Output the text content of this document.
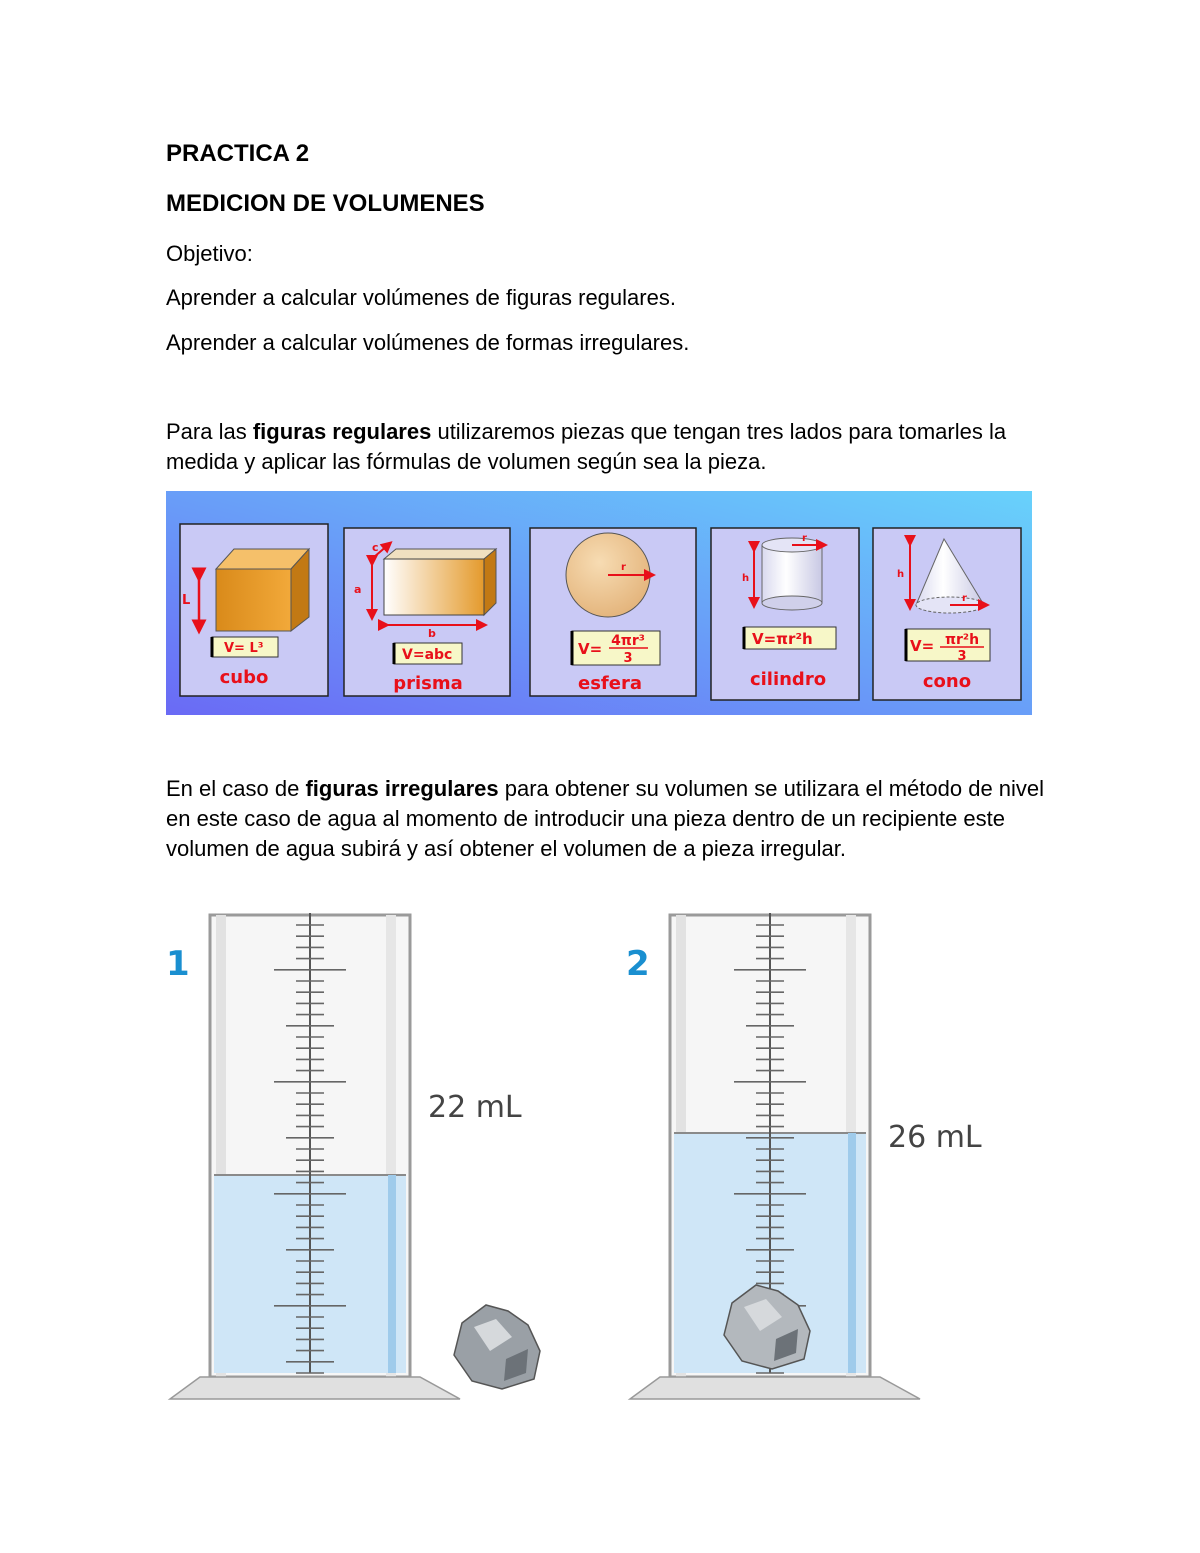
PRACTICA 2
MEDICION DE VOLUMENES

Objetivo:

Aprender a calcular volúmenes de figuras regulares.

Aprender a calcular volúmenes de formas irregulares.

Para las figuras regulares utilizaremos piezas que tengan tres lados para tomarles la medida y aplicar las fórmulas de volumen según sea la pieza.

L
V= L³
cubo
c
a
b
V=abc
prisma
r
V= 4πr³
3
esfera
h
r
V=πr²h
cilindro
h
r
V= πr²h
3
cono

En el caso de figuras irregulares para obtener su volumen se utilizara el método de nivel en este caso de agua al momento de introducir una pieza dentro de un recipiente este volumen de agua subirá y así obtener el volumen de a pieza irregular.

1
22 mL
2
26 mL
